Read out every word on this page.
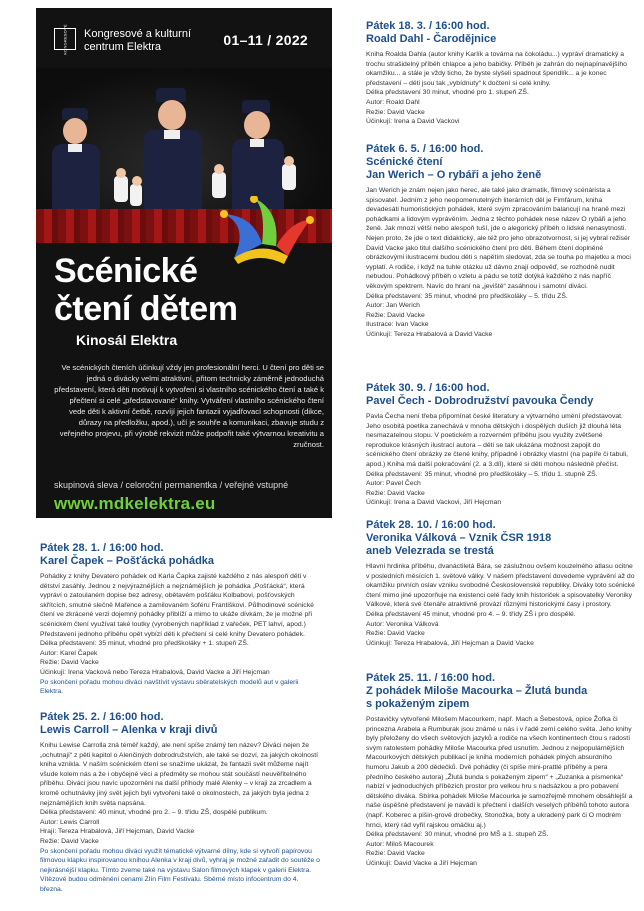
KONGRESOVÉ Kongresové a kulturní
centrum Elektra	01–11 / 2022
Scénické
čtení dětem
Kinosál Elektra
Ve scénických čteních účinkují vždy jen profesionální herci. U čtení pro děti se jedná o divácky velmi atraktivní, přitom technicky záměrně jednoduchá představení, která děti motivují k vytvoření si vlastního scénického čtení a také k přečtení si celé „představované“ knihy. Vytváření vlastního scénického čtení vede děti k aktivní četbě, rozvíjí jejich fantazii vyjadřovací schopnosti (dikce, důrazy na předložku, apod.), učí je souhře a komunikaci, zbavuje studu z veřejného projevu, při výrobě rekvizit může podpořit také výtvarnou kreativitu a zručnost.
skupinová sleva / celoroční permanentka / veřejné vstupné
www.mdkelektra.eu
Pátek 28. 1. / 16:00 hod.
Karel Čapek – Pošťácká pohádka
Pohádky z knihy Devatero pohádek od Karla Čapka zajisté každého z nás alespoň děti v dětství zasáhly. Jednou z nejvýraznějších a nejznámějších je pohádka „Pošťácká“, která vypráví o zatoulaném dopise bez adresy, obětavém pošťáku Kolbabovi, pošťovských skřítcích, smutné slečně Mařence a zamilovaném šoféru Františkovi. Půlhodinové scénické čtení ve zkrácené verzi dojemný pohádky přiblíží a mimo to ukáže dívkám, že je možné při scénickém čtení využívat také loutky (vyrobených například z vařeček, PET lahví, apod.) Představení jednoho příběhu opět vybízí děti k přečtení si celé knihy Devatero pohádek.
Délka představení: 35 minut, vhodné pro předškoláky + 1. stupeň ZŠ.
Autor: Karel Čapek
Režie: David Vacke
Účinkují: Irena Vacková nebo Tereza Hrabalová, David Vacke a Jiří Hejcman
Po skončení pořadu mohou diváci navštívit výstavu sběratelských modelů aut v galerii Elektra.
Pátek 25. 2. / 16:00 hod.
Lewis Carroll – Alenka v kraji divů
Knihu Lewise Carrolla zná téměř každý, ale není spíše známý ten název? Diváci nejen že „ochutnají“ z pěti kapitol o Alenčiných dobrodružstvích, ale také se dozví, za jakých okolností kniha vznikla. V naším scénickém čtení se snažíme ukázat, že fantazii svět můžeme najít všude kolem nás a že i obyčejné věci a předměty se mohou stát součástí neuvěřitelného příběhu. Diváci jsou navíc upozorněni na další příhody malé Alenky – v kraji za zrcadlem a kromě ochutnávky jiný svět jejich byli vytvořeni také o okolnostech, za jakých byla jedna z nejznámějších knih světa napsána.
Délka představení: 40 minut, vhodné pro 2. – 9. třídu ZŠ, dospělé publikum.
Autor: Lewis Carroll
Hrají: Tereza Hrabalová, Jiří Hejcman, David Vacke
Režie: David Vacke
Po skončení pořadu mohou diváci využít tématické výtvarné dílny, kde si vytvoří papírovou filmovou klapku inspirovanou knihou Alenka v kraji divů, vyhraj je možné zařadit do soutěže o nejkrásnější klapku. Tímto zveme také na výstavu Salon filmových klapek v galerii Elektra. Vítězové budou odměněni cenami Zlín Film Festivalu. Sběrné místo infocentrum do 4. března.
Pátek 18. 3. / 16:00 hod.
Roald Dahl - Čarodějnice
Kniha Roalda Dahla (autor knihy Karlík a továrna na čokoládu...) vypráví dramatický a trochu strašidelný příběh chlapce a jeho babičky. Příběh je zahrán do nejnapínavějšího okamžiku... a stále je vždy ticho, že byste slyšeli spadnout špendlík... a je konec představení – děti jsou tak „vybídnuty“ k dočtení si celé knihy.
Délka představení 30 minut, vhodné pro 1. stupeň ZŠ.
Autor: Roald Dahl
Režie: David Vacke
Účinkují: Irena a David Vackovi
Pátek 6. 5. / 16:00 hod.
Scénické čtení
Jan Werich – O rybáři a jeho ženě
Jan Werich je znám nejen jako herec, ale také jako dramatik, filmový scénárista a spisovatel. Jedním z jeho neopomenutelných literárních děl je Fimfárum, kniha devadesáti humoristických pohádek, které svým zpracováním balancují na hraně mezi pohádkami a lidovým vyprávěním. Jedna z těchto pohádek nese název O rybáři a jeho ženě. Jak mnozí větší nebo alespoň tuší, jde o alegorický příběh o lidské nenasytnosti. Nejen proto, že jde o text didaktický, ale též pro jeho obrazotvornost, si jej vybral režisér David Vacke jako titul dalšího scénického čtení pro děti. Během čtení doplněné obrázkovými ilustracemi budou děti s napětím sledovat, zda se touha po majetku a moci vyplatí. A rodiče, i když na tuhle otázku už dávno znají odpověď, se rozhodně nudit nebudou. Pohádkový příběh o vzletu a pádu se totiž dotýká každého z nás napříč věkovým spektrem. Navíc do hraní na „jeviště“ zasáhnou i samotní diváci.
Délka představení: 35 minut, vhodné pro předškoláky – 5. třídu ZŠ.
Autor: Jan Werich
Režie: David Vacke
Ilustrace: Ivan Vacke
Účinkují: Tereza Hrabalová a David Vacke
Pátek 30. 9. / 16:00 hod.
Pavel Čech - Dobrodružství pavouka Čendy
Pavla Čecha není třeba připomínat české literatury a výtvarného umění představovat. Jeho osobitá poetika zanechává v mnoha dětských i dospělých duších již dlouhá léta nesmazatelnou stopu. V poetickém a rozverném příběhu jsou využity zvětšené reprodukce krásných ilustrací autora – děti se tak ukázána možnost zapojit do scénického čtení obrázky ze čtené knihy, případně i obrázky vlastní (na papíře či tabuli, apod.) Kniha má další pokračování (2. a 3.díl), které si děti mohou následně přečíst.
Délka představení: 35 minut, vhodné pro předškoláky – 5. třídu 1. stupně ZŠ.
Autor: Pavel Čech
Režie: David Vacke
Účinkují: Irena a David Vackovi, Jiří Hejcman
Pátek 28. 10. / 16:00 hod.
Veronika Válková – Vznik ČSR 1918
aneb Velezrada se trestá
Hlavní hrdinka příběhu, dvanáctiletá Bára, se záslužnou ovšem kouzelného atlasu ocitne v posledních měsících 1. světové války. V našem představení dovedeme vyprávění až do okamžiku prvních oslav vzniku svobodné Československé republiky. Diváky toto scénické čtení mimo jiné upozorňuje na existenci celé řady knih historiček a spisovatelky Veroniky Válkové, která své čtenáře atraktivně provází různými historickými časy i prostory.
Délka představení 45 minut, vhodné pro 4. – 9. třídy ZŠ i pro dospělé.
Autor: Veronika Válková
Režie: David Vacke
Účinkují: Tereza Hrabalová, Jiří Hejcman a David Vacke
Pátek 25. 11. / 16:00 hod.
Z pohádek Miloše Macourka – Žlutá bunda
s pokaženým zipem
Postavičky vytvořené Milošem Macourkem, např. Mach a Šebestová, opice Žofka či princezna Arabela a Rumburak jsou známé u nás i v řadě zemí celého světa. Jeho knihy byly přeloženy do všech světových jazyků a rodiče na všech kontinentech čtou s radostí svým ratolestem pohádky Miloše Macourka před usnutím. Jednou z nejpopulárnějších Macourkových dětských publikací je kniha moderních pohádek plných absurdního humoru Jakub a 200 dědečků. Dvě pohádky (či spíše mini-prattlé příběhy a pera předního českého autora) „Žlutá bunda s pokaženým zipem“ + „Zuzanka a písmenka“ nabízí v jednoduchých příbězích prostor pro velkou hru s nadsázkou a pro pobavení dětského diváka. Sbírka pohádek Miloše Macourka je samozřejmě mnohem obsáhlejší a naše úspěšné představení je navádí k přečtení i dalších veselých příběhů tohoto autora (např. Koberec a pišin-grové drobečky, Stonožka, boty a ukradený park či O modrém hrnci, který rád vyřil rajskou omáčku aj.)
Délka představení: 30 minut, vhodné pro MŠ a 1. stupeň ZŠ.
Autor: Miloš Macourek
Režie: David Vacke
Účinkují: David Vacke a Jiří Hejcman
